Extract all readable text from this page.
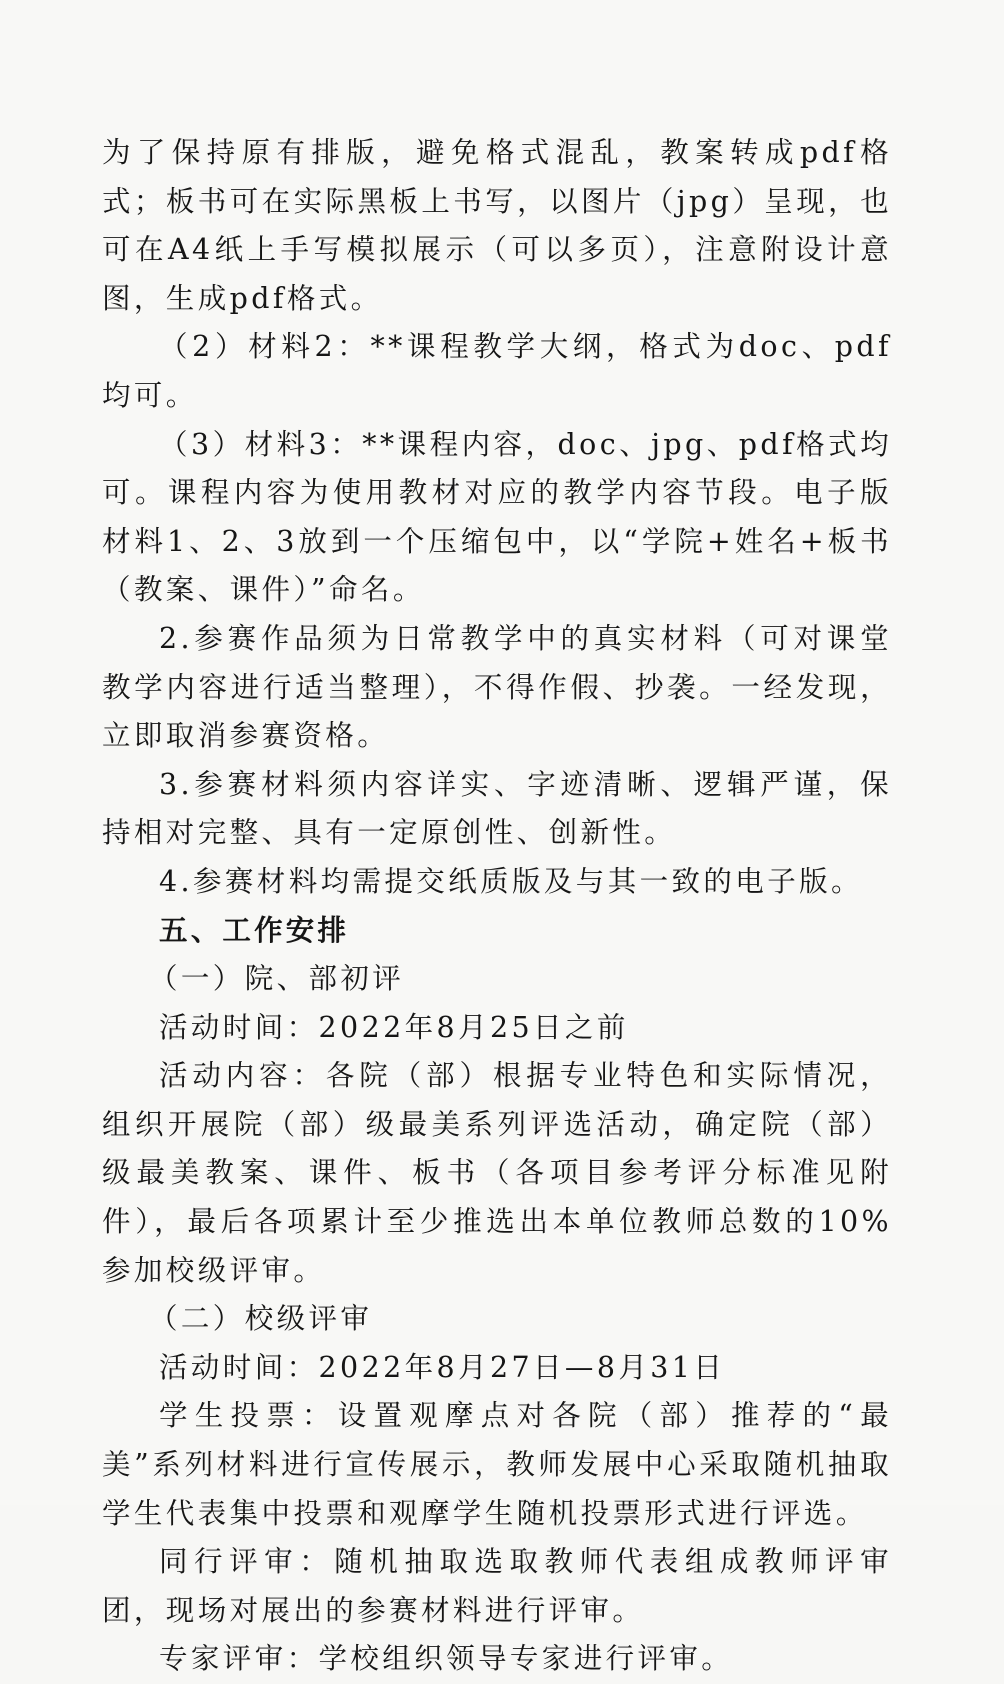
为了保持原有排版，避免格式混乱，教案转成pdf格式；板书可在实际黑板上书写，以图片（jpg）呈现，也可在A4纸上手写模拟展示（可以多页），注意附设计意图，生成pdf格式。

（2）材料2：**课程教学大纲，格式为doc、pdf均可。

（3）材料3：**课程内容，doc、jpg、pdf格式均可。课程内容为使用教材对应的教学内容节段。电子版材料1、2、3放到一个压缩包中，以“学院+姓名+板书（教案、课件）”命名。

2.参赛作品须为日常教学中的真实材料（可对课堂教学内容进行适当整理），不得作假、抄袭。一经发现，立即取消参赛资格。

3.参赛材料须内容详实、字迹清晰、逻辑严谨，保持相对完整、具有一定原创性、创新性。

4.参赛材料均需提交纸质版及与其一致的电子版。

五、工作安排

（一）院、部初评

活动时间：2022年8月25日之前

活动内容：各院（部）根据专业特色和实际情况，组织开展院（部）级最美系列评选活动，确定院（部）级最美教案、课件、板书（各项目参考评分标准见附件），最后各项累计至少推选出本单位教师总数的10%参加校级评审。

（二）校级评审

活动时间：2022年8月27日—8月31日

学生投票：设置观摩点对各院（部）推荐的“最美”系列材料进行宣传展示，教师发展中心采取随机抽取学生代表集中投票和观摩学生随机投票形式进行评选。

同行评审：随机抽取选取教师代表组成教师评审团，现场对展出的参赛材料进行评审。

专家评审：学校组织领导专家进行评审。
